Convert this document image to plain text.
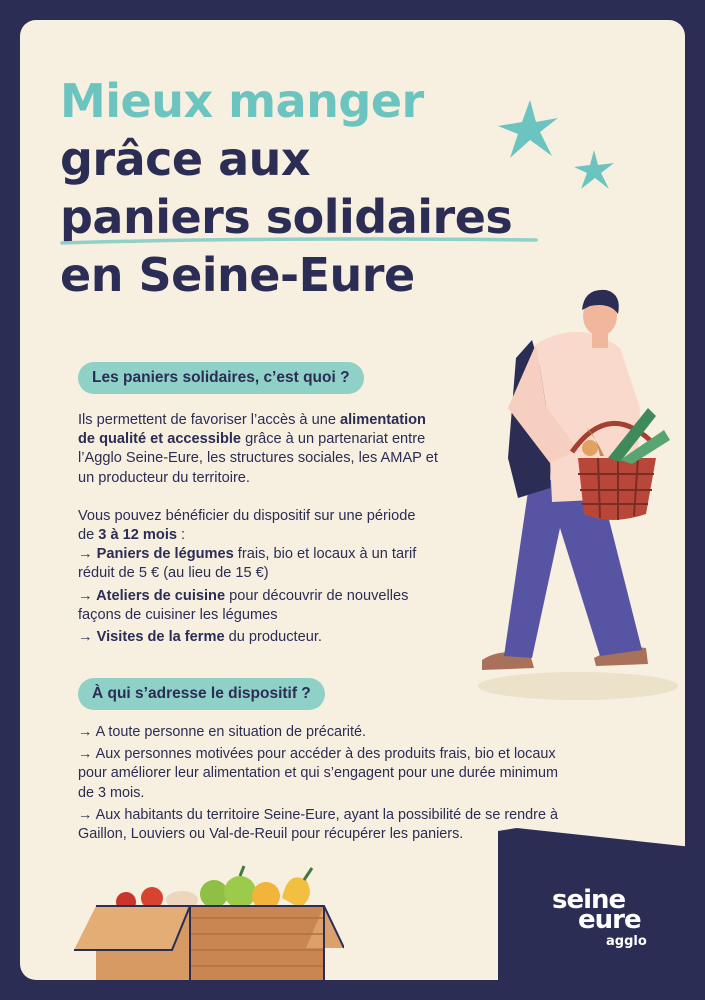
Mieux manger
grâce aux
paniers solidaires
en Seine-Eure
Les paniers solidaires, c’est quoi ?

Ils permettent de favoriser l’accès à une alimentation
de qualité et accessible grâce à un partenariat entre
l’Agglo Seine-Eure, les structures sociales, les AMAP et
un producteur du territoire.

Vous pouvez bénéficier du dispositif sur une période
de 3 à 12 mois :

→ Paniers de légumes frais, bio et locaux à un tarif
réduit de 5 € (au lieu de 15 €)

→ Ateliers de cuisine pour découvrir de nouvelles
façons de cuisiner les légumes

→ Visites de la ferme du producteur.

À qui s’adresse le dispositif ?

→ A toute personne en situation de précarité.

→ Aux personnes motivées pour accéder à des produits frais, bio et locaux
pour améliorer leur alimentation et qui s’engagent pour une durée minimum
de 3 mois.

→ Aux habitants du territoire Seine-Eure, ayant la possibilité de se rendre à
Gaillon, Louviers ou Val-de-Reuil pour récupérer les paniers.

seine
eure
agglo
